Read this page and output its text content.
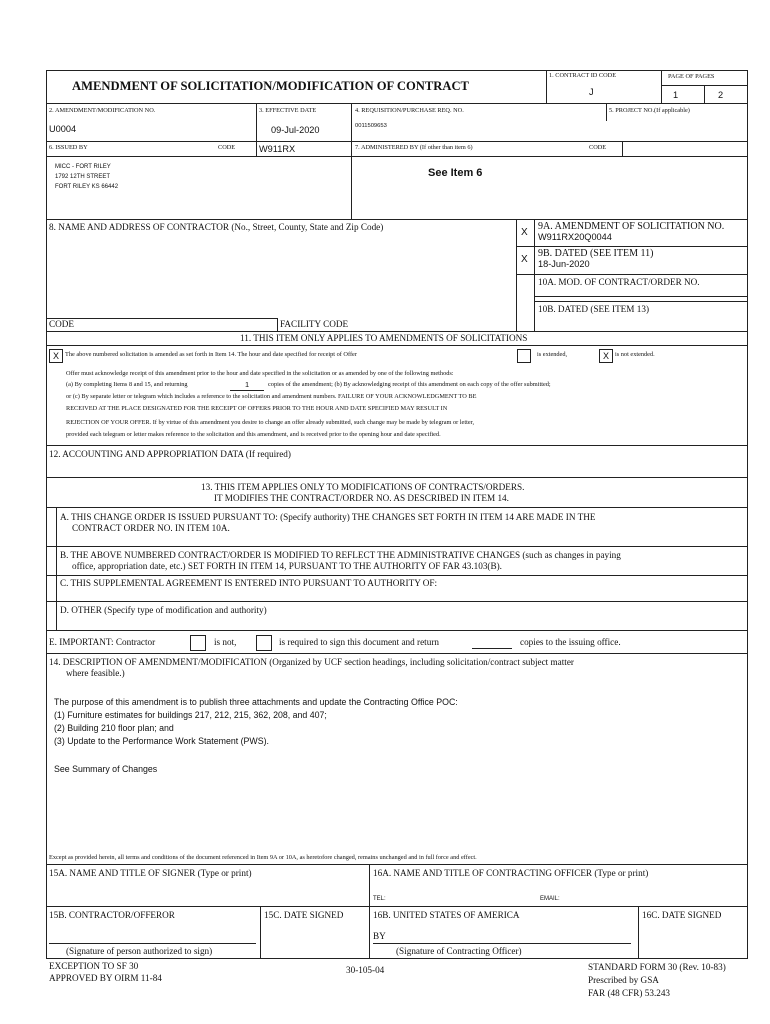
AMENDMENT OF SOLICITATION/MODIFICATION OF CONTRACT
1. CONTRACT ID CODE
J
PAGE OF PAGES
1	2
2. AMENDMENT/MODIFICATION NO.
U0004
3. EFFECTIVE DATE
09-Jul-2020
4. REQUISITION/PURCHASE REQ. NO.
0011509653
5. PROJECT NO.(If applicable)
6. ISSUED BY	CODE	W911RX	7. ADMINISTERED BY (If other than item 6)	CODE
MICC - FORT RILEY
1792 12TH STREET
FORT RILEY KS 66442
See Item 6
8. NAME AND ADDRESS OF CONTRACTOR (No., Street, County, State and Zip Code)
CODE	FACILITY CODE
X
9A. AMENDMENT OF SOLICITATION NO.
W911RX20Q0044
X
9B. DATED (SEE ITEM 11)
18-Jun-2020
10A. MOD. OF CONTRACT/ORDER NO.
10B. DATED (SEE ITEM 13)
11. THIS ITEM ONLY APPLIES TO AMENDMENTS OF SOLICITATIONS
X The above numbered solicitation is amended as set forth in Item 14. The hour and date specified for receipt of Offer	is extended,	X is not extended.
Offer must acknowledge receipt of this amendment prior to the hour and date specified in the solicitation or as amended by one of the following methods:
(a) By completing Items 8 and 15, and returning	1	copies of the amendment; (b) By acknowledging receipt of this amendment on each copy of the offer submitted;
or (c) By separate letter or telegram which includes a reference to the solicitation and amendment numbers. FAILURE OF YOUR ACKNOWLEDGMENT TO BE
RECEIVED AT THE PLACE DESIGNATED FOR THE RECEIPT OF OFFERS PRIOR TO THE HOUR AND DATE SPECIFIED MAY RESULT IN
REJECTION OF YOUR OFFER. If by virtue of this amendment you desire to change an offer already submitted, such change may be made by telegram or letter,
provided each telegram or letter makes reference to the solicitation and this amendment, and is received prior to the opening hour and date specified.
12. ACCOUNTING AND APPROPRIATION DATA (If required)
13. THIS ITEM APPLIES ONLY TO MODIFICATIONS OF CONTRACTS/ORDERS.
IT MODIFIES THE CONTRACT/ORDER NO. AS DESCRIBED IN ITEM 14.
A. THIS CHANGE ORDER IS ISSUED PURSUANT TO: (Specify authority) THE CHANGES SET FORTH IN ITEM 14 ARE MADE IN THE
CONTRACT ORDER NO. IN ITEM 10A.
B. THE ABOVE NUMBERED CONTRACT/ORDER IS MODIFIED TO REFLECT THE ADMINISTRATIVE CHANGES (such as changes in paying
office, appropriation date, etc.) SET FORTH IN ITEM 14, PURSUANT TO THE AUTHORITY OF FAR 43.103(B).
C. THIS SUPPLEMENTAL AGREEMENT IS ENTERED INTO PURSUANT TO AUTHORITY OF:
D. OTHER (Specify type of modification and authority)
E. IMPORTANT: Contractor	is not,	is required to sign this document and return	copies to the issuing office.
14. DESCRIPTION OF AMENDMENT/MODIFICATION (Organized by UCF section headings, including solicitation/contract subject matter
where feasible.)
The purpose of this amendment is to publish three attachments and update the Contracting Office POC:
(1) Furniture estimates for buildings 217, 212, 215, 362, 208, and 407;
(2) Building 210 floor plan; and
(3) Update to the Performance Work Statement (PWS).
See Summary of Changes
Except as provided herein, all terms and conditions of the document referenced in Item 9A or 10A, as heretofore changed, remains unchanged and in full force and effect.
15A. NAME AND TITLE OF SIGNER (Type or print)	16A. NAME AND TITLE OF CONTRACTING OFFICER (Type or print)
TEL:	EMAIL:
15B. CONTRACTOR/OFFEROR	15C. DATE SIGNED	16B. UNITED STATES OF AMERICA	16C. DATE SIGNED
BY
(Signature of person authorized to sign)	(Signature of Contracting Officer)
EXCEPTION TO SF 30
APPROVED BY OIRM 11-84
30-105-04	STANDARD FORM 30 (Rev. 10-83)
Prescribed by GSA
FAR (48 CFR) 53.243
